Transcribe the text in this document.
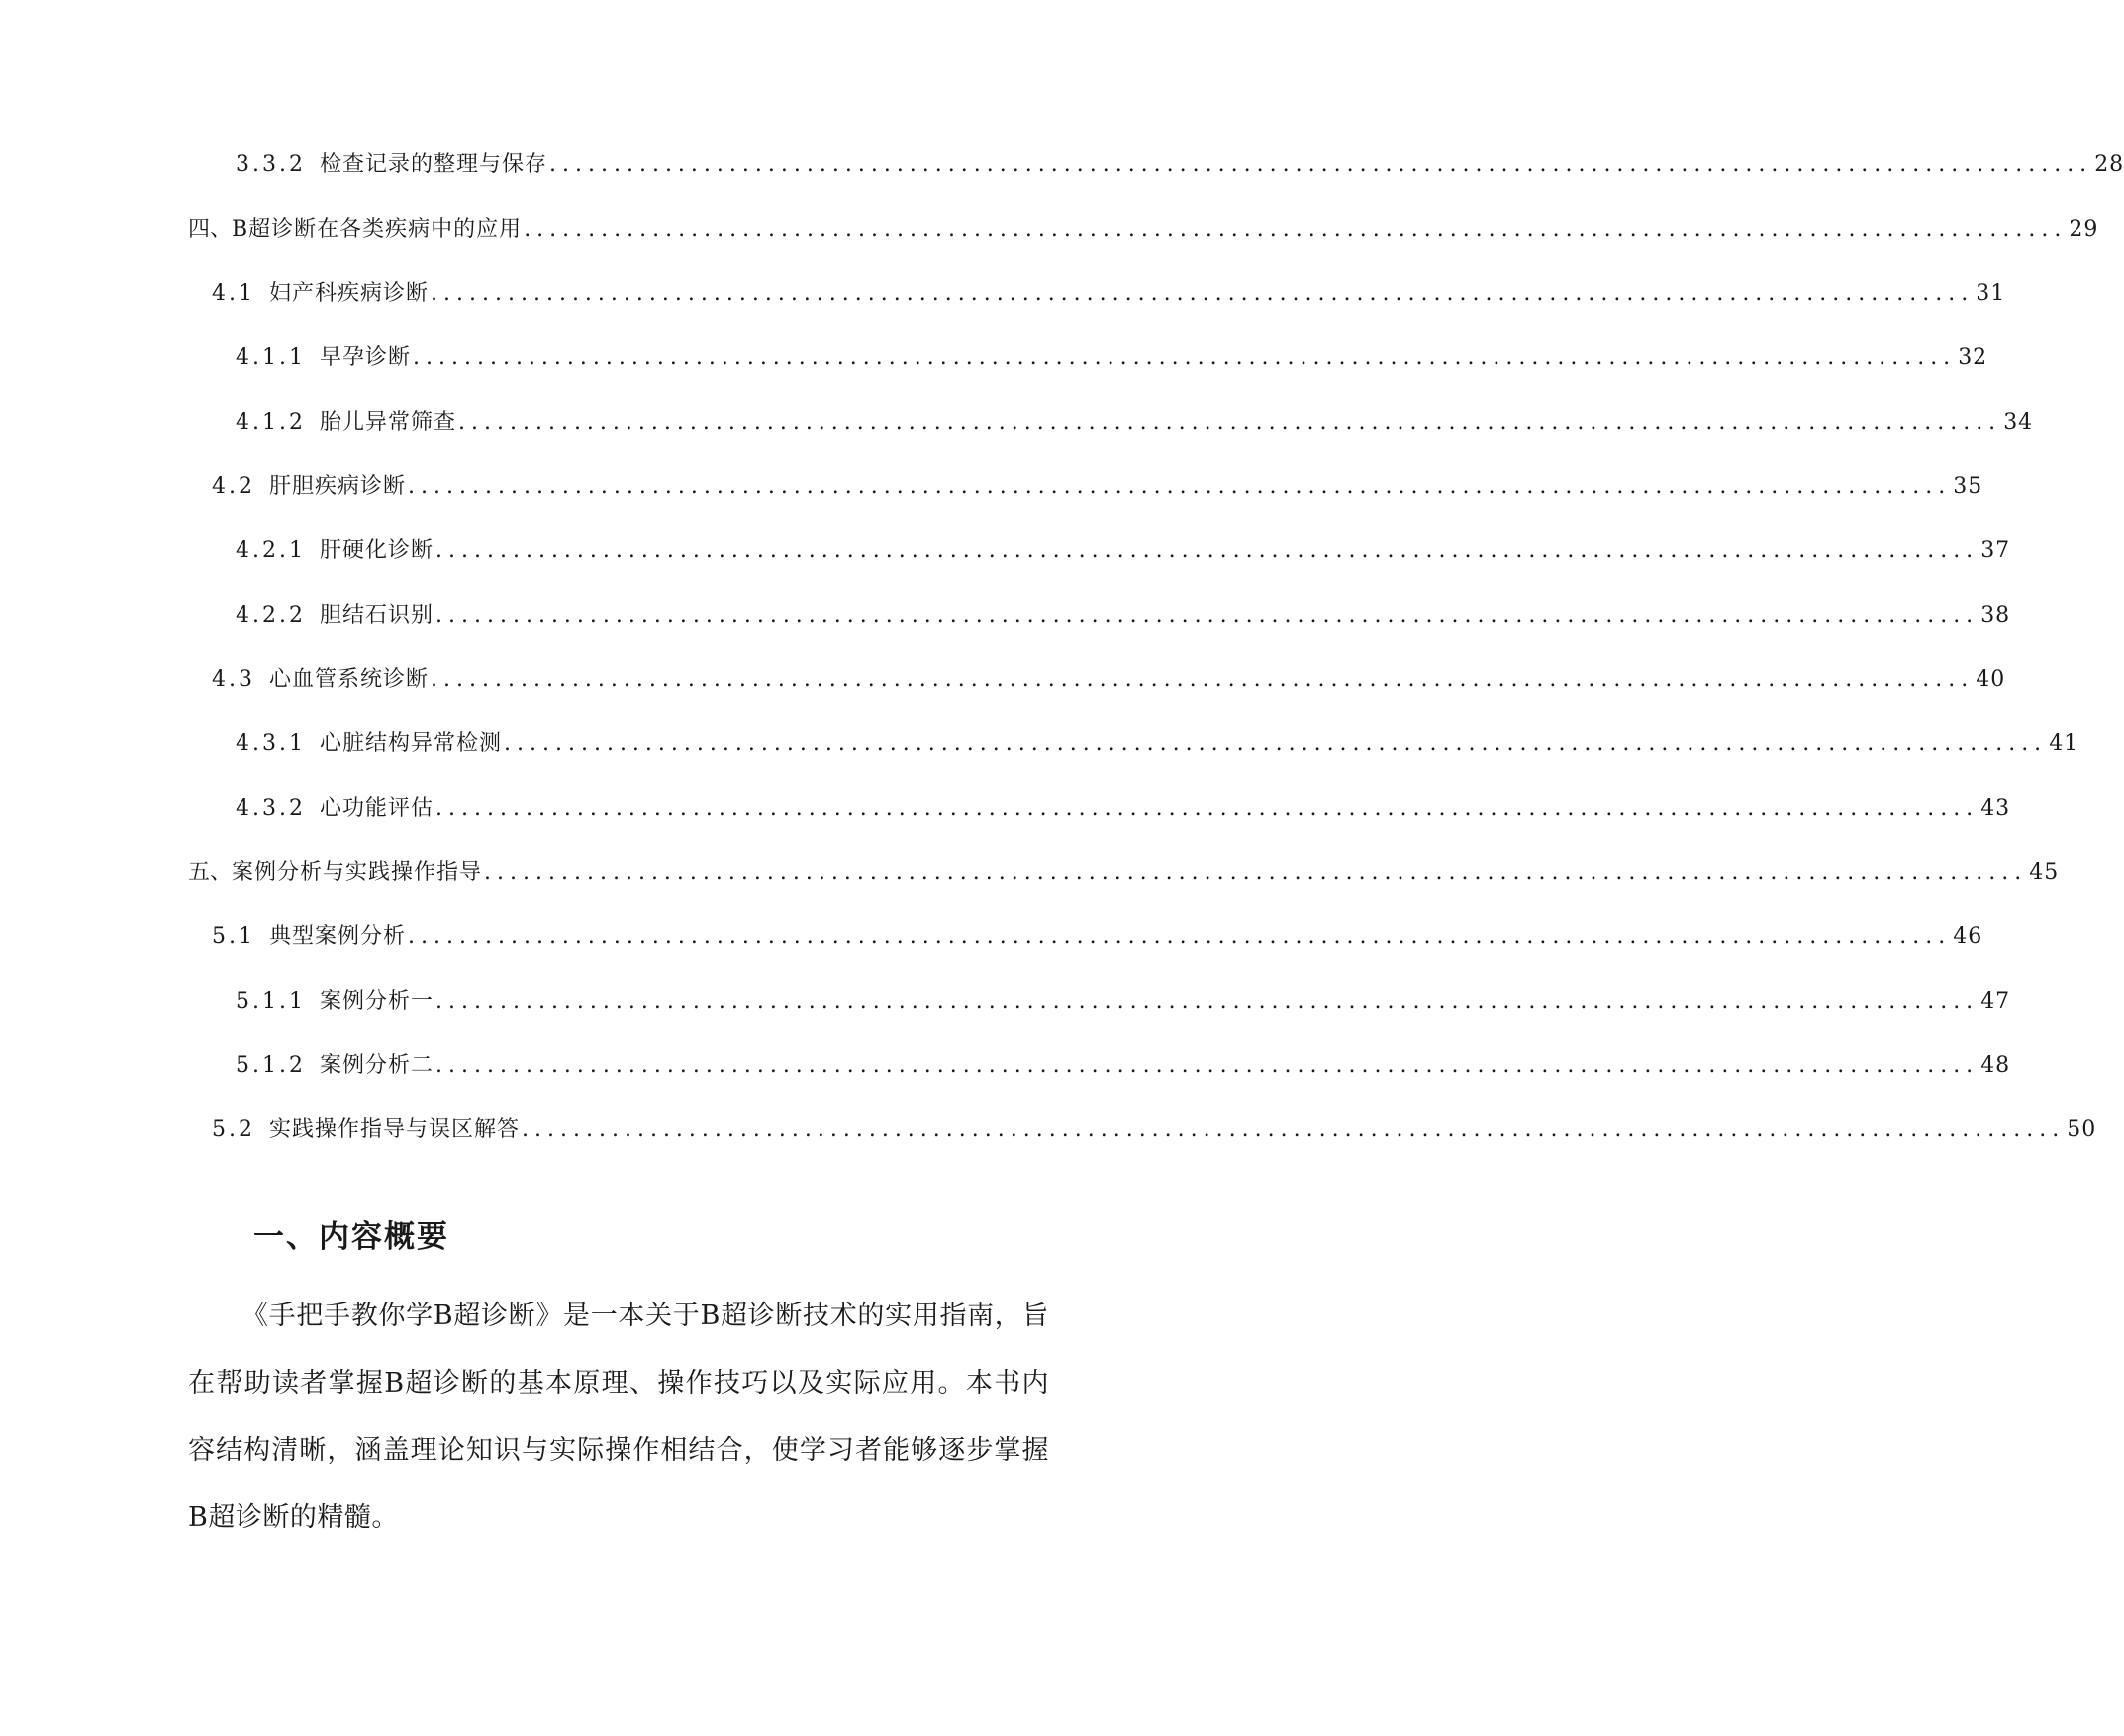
3.3.2 检查记录的整理与保存 ........................................................................................................................ 28
四、 B超诊断在各类疾病中的应用 ........................................................................................................................ 29
4.1 妇产科疾病诊断 ........................................................................................................................ 31
4.1.1 早孕诊断 ........................................................................................................................ 32
4.1.2 胎儿异常筛查 ........................................................................................................................ 34
4.2 肝胆疾病诊断 ........................................................................................................................ 35
4.2.1 肝硬化诊断 ........................................................................................................................ 37
4.2.2 胆结石识别 ........................................................................................................................ 38
4.3 心血管系统诊断 ........................................................................................................................ 40
4.3.1 心脏结构异常检测 ........................................................................................................................ 41
4.3.2 心功能评估 ........................................................................................................................ 43
五、 案例分析与实践操作指导 ........................................................................................................................ 45
5.1 典型案例分析 ........................................................................................................................ 46
5.1.1 案例分析一 ........................................................................................................................ 47
5.1.2 案例分析二 ........................................................................................................................ 48
5.2 实践操作指导与误区解答 ........................................................................................................................ 50
一、内容概要

《手把手教你学B超诊断》是一本关于B超诊断技术的实用指南，旨在帮助读者掌握B超诊断的基本原理、操作技巧以及实际应用。本书内容结构清晰，涵盖理论知识与实际操作相结合，使学习者能够逐步掌握B超诊断的精髓。
